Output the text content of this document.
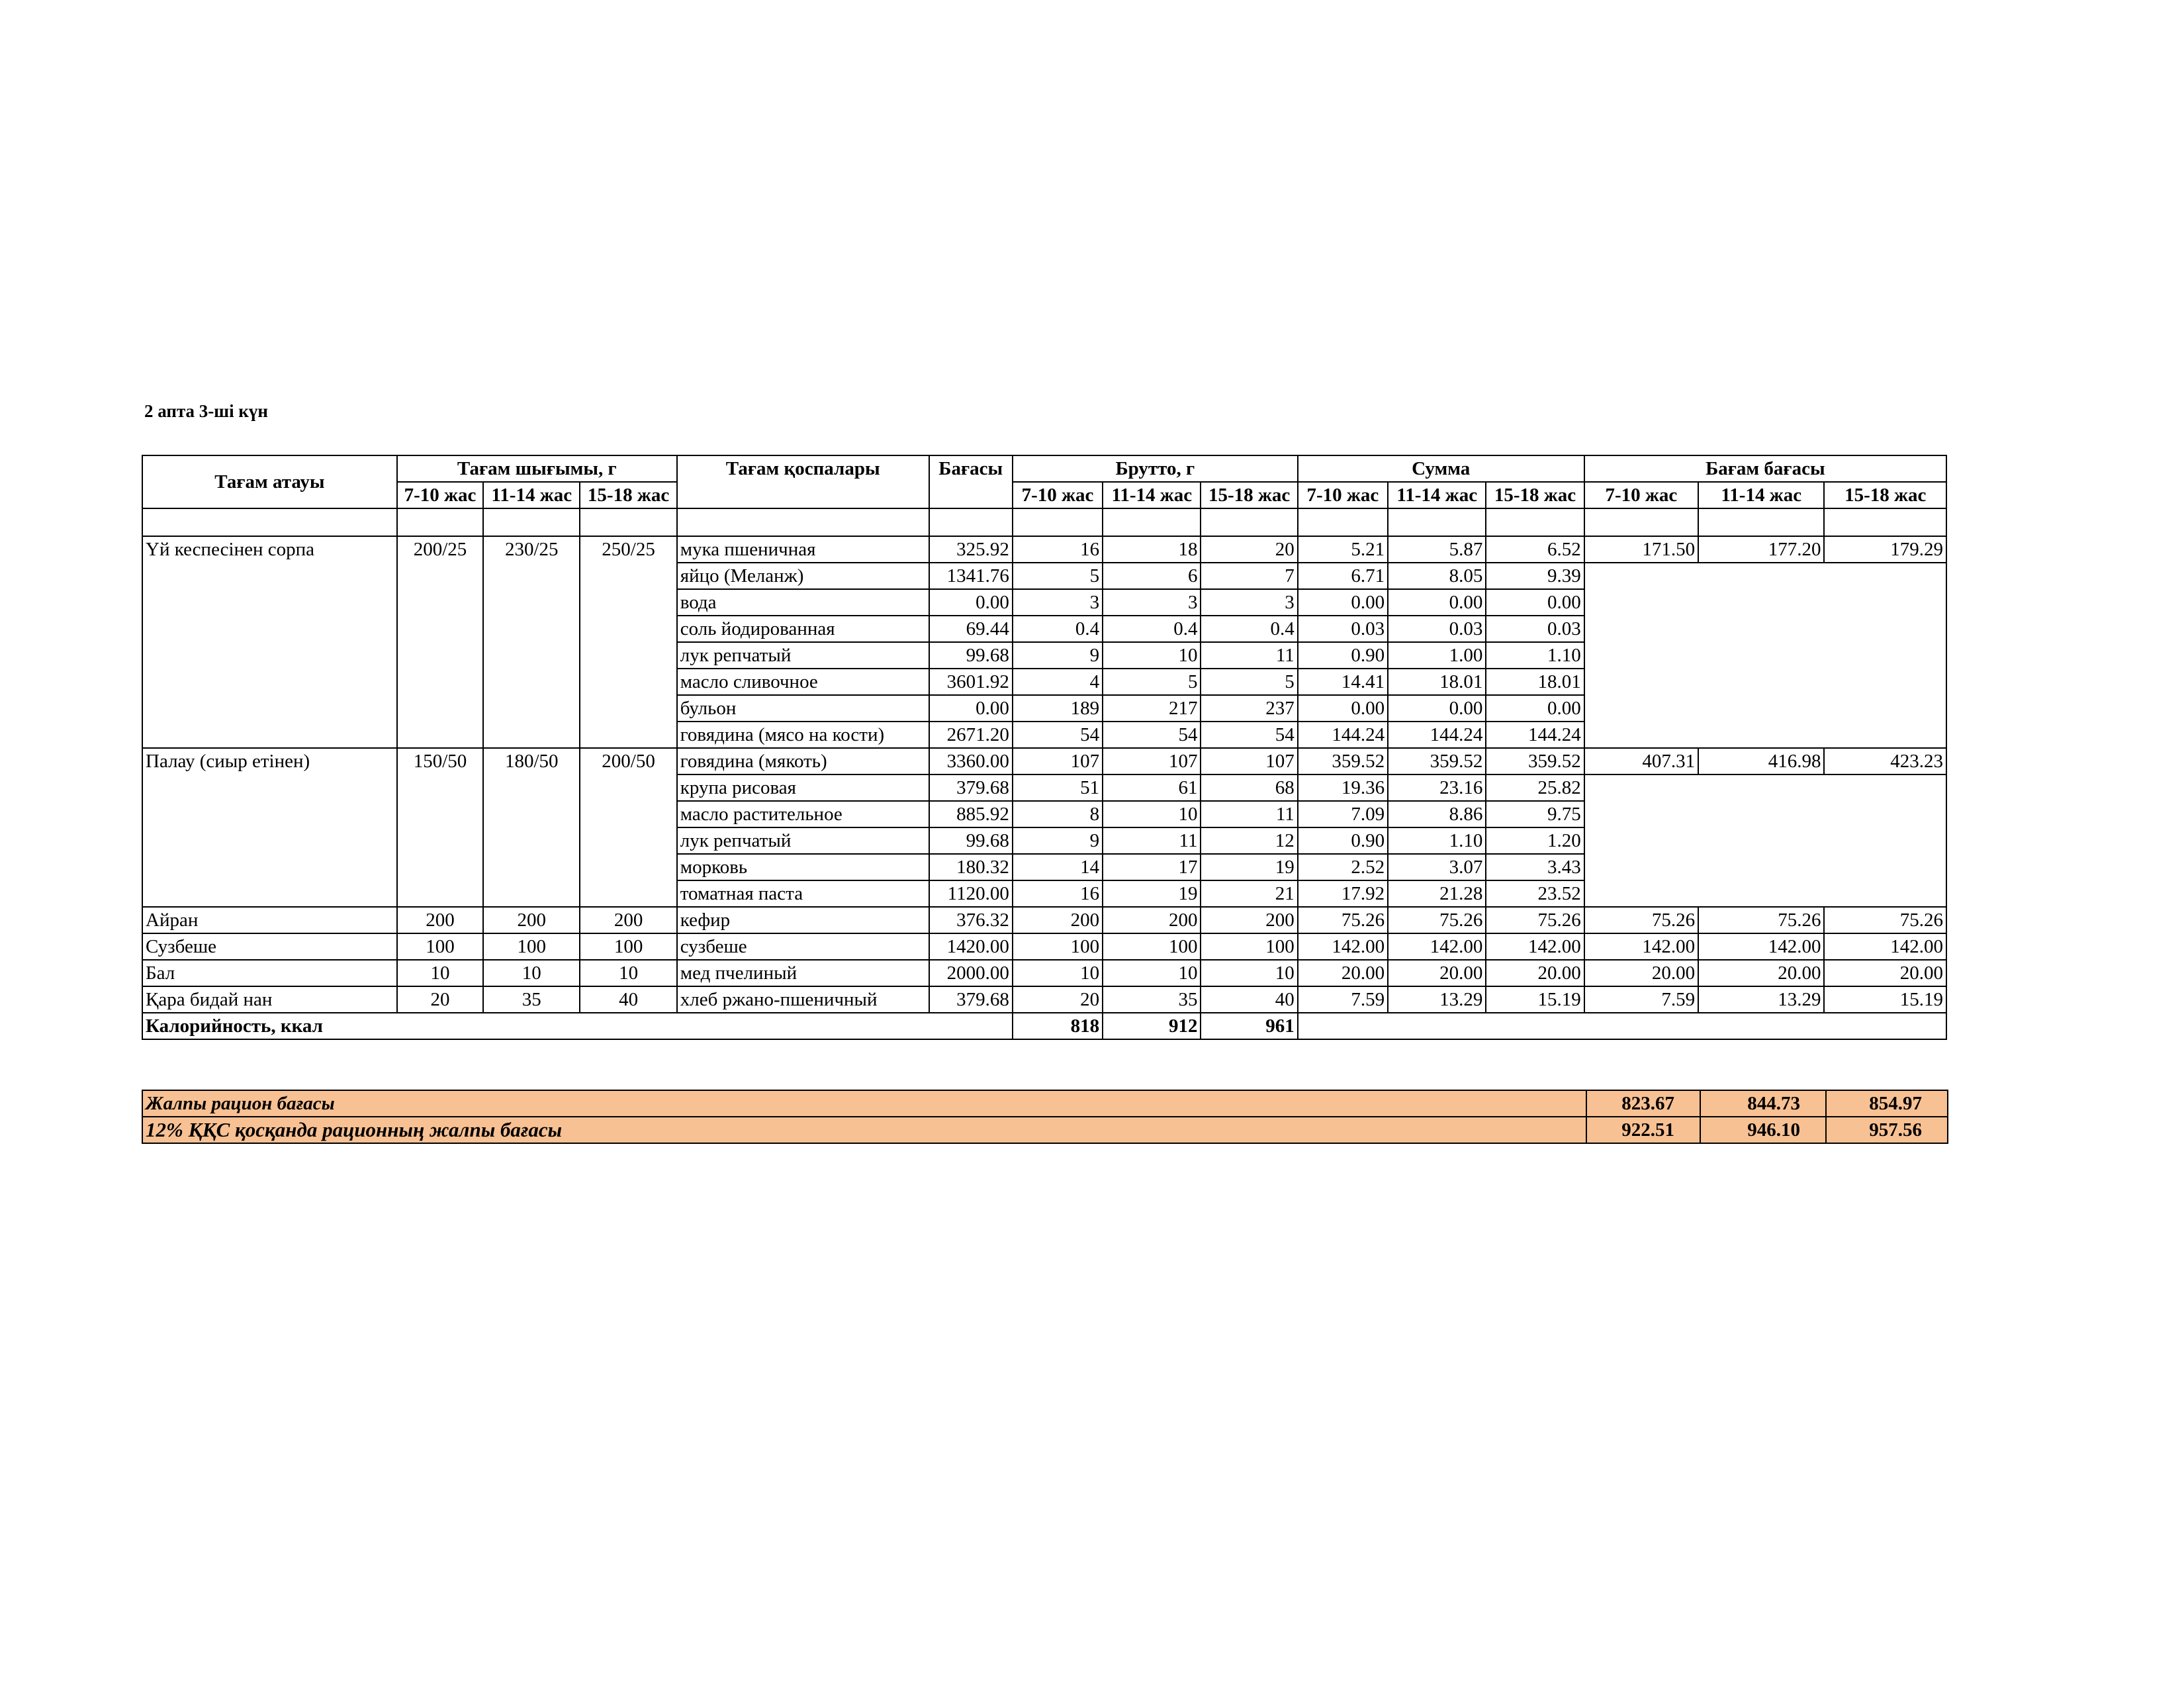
2 апта 3-ші күн
Тағам атауы	Тағам шығымы, г			Тағам қоспалары	Бағасы	Брутто, г			Сумма			Бағам бағасы		
	7-10 жас	11-14 жас	15-18 жас			7-10 жас	11-14 жас	15-18 жас	7-10 жас	11-14 жас	15-18 жас	7-10 жас	11-14 жас	15-18 жас

Үй кеспесінен сорпа	200/25	230/25	250/25	мука пшеничная	325.92	16	18	20	5.21	5.87	6.52	171.50	177.20	179.29
				яйцо (Меланж)	1341.76	5	6	7	6.71	8.05	9.39			
				вода	0.00	3	3	3	0.00	0.00	0.00			
				соль йодированная	69.44	0.4	0.4	0.4	0.03	0.03	0.03			
				лук репчатый	99.68	9	10	11	0.90	1.00	1.10			
				масло сливочное	3601.92	4	5	5	14.41	18.01	18.01			
				бульон	0.00	189	217	237	0.00	0.00	0.00			
				говядина (мясо на кости)	2671.20	54	54	54	144.24	144.24	144.24			
Палау (сиыр етінен)	150/50	180/50	200/50	говядина (мякоть)	3360.00	107	107	107	359.52	359.52	359.52	407.31	416.98	423.23
				крупа рисовая	379.68	51	61	68	19.36	23.16	25.82			
				масло растительное	885.92	8	10	11	7.09	8.86	9.75			
				лук репчатый	99.68	9	11	12	0.90	1.10	1.20			
				морковь	180.32	14	17	19	2.52	3.07	3.43			
				томатная паста	1120.00	16	19	21	17.92	21.28	23.52			
Айран	200	200	200	кефир	376.32	200	200	200	75.26	75.26	75.26	75.26	75.26	75.26
Сузбеше	100	100	100	сузбеше	1420.00	100	100	100	142.00	142.00	142.00	142.00	142.00	142.00
Бал	10	10	10	мед пчелиный	2000.00	10	10	10	20.00	20.00	20.00	20.00	20.00	20.00
Қара бидай нан	20	35	40	хлеб ржано-пшеничный	379.68	20	35	40	7.59	13.29	15.19	7.59	13.29	15.19
Калорийность, ккал						818	912	961						
Жалпы рацион бағасы	823.67	844.73	854.97
12% ҚҚС қосқанда рационның жалпы бағасы	922.51	946.10	957.56
